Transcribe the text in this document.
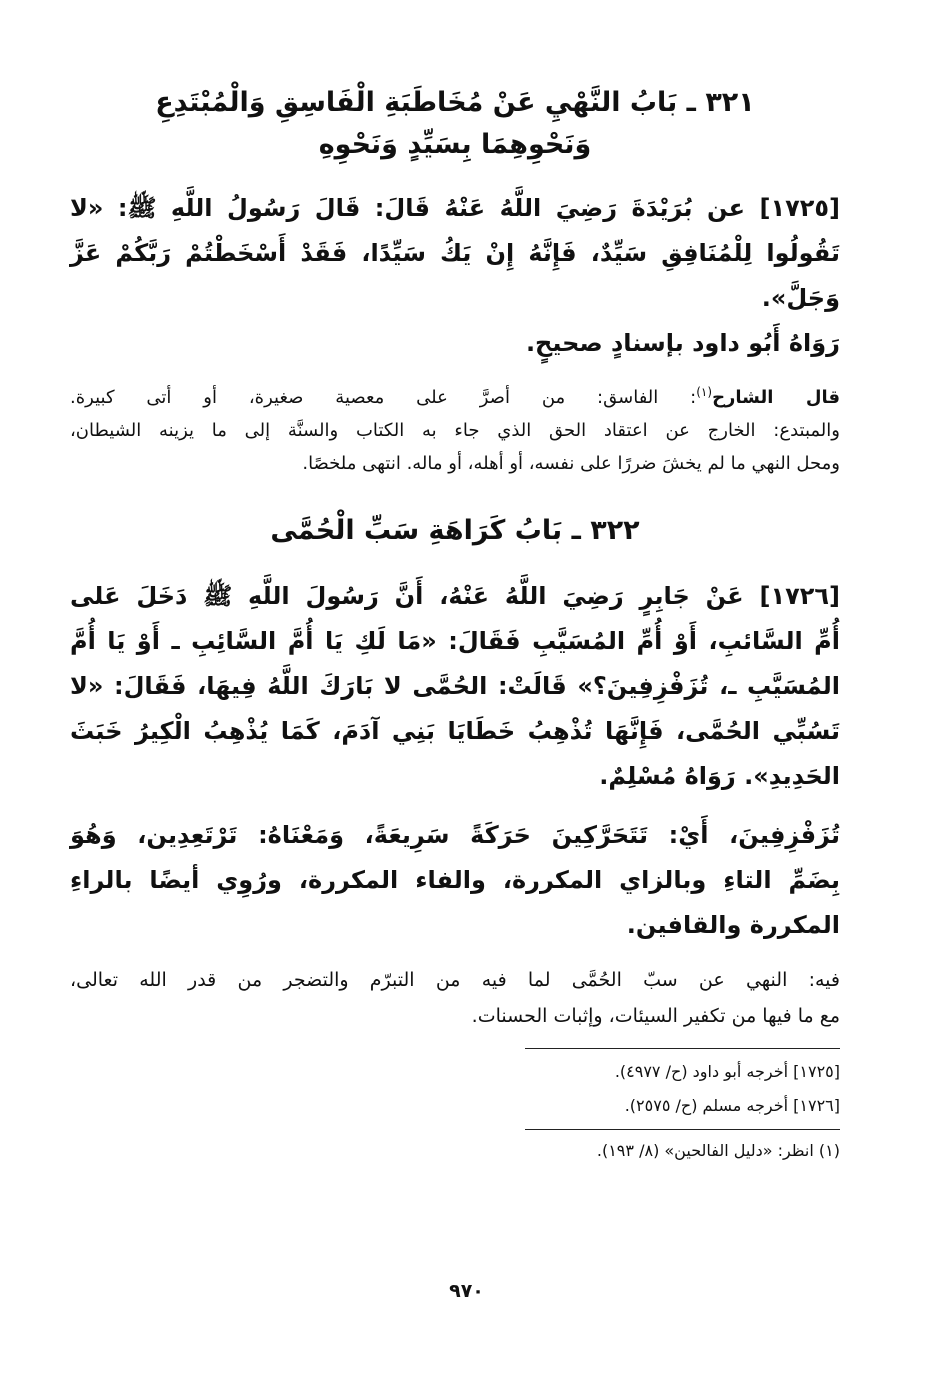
٣٢١ ـ بَابُ النَّهْيِ عَنْ مُخَاطَبَةِ الْفَاسِقِ وَالْمُبْتَدِعِ
وَنَحْوِهِمَا بِسَيِّدٍ وَنَحْوِهِ
[١٧٢٥] عن بُرَيْدَةَ رَضِيَ اللَّهُ عَنْهُ قَالَ: قَالَ رَسُولُ اللَّهِ ﷺ: «لا
تَقُولُوا لِلْمُنَافِقِ سَيِّدٌ، فَإِنَّهُ إِنْ يَكُ سَيِّدًا، فَقَدْ أَسْخَطْتُمْ رَبَّكُمْ عَزَّ وَجَلَّ».
رَوَاهُ أَبُو داود بإسنادٍ صحيحٍ.
قال الشارح$^{(١)}$: الفاسق: من أصرَّ على معصية صغيرة، أو أتى كبيرة.
والمبتدع: الخارج عن اعتقاد الحق الذي جاء به الكتاب والسنَّة إلى ما يزينه الشيطان،
ومحل النهي ما لم يخشَ ضررًا على نفسه، أو أهله، أو ماله. انتهى ملخصًا.
٣٢٢ ـ بَابُ كَرَاهَةِ سَبِّ الْحُمَّى
[١٧٢٦] عَنْ جَابِرٍ رَضِيَ اللَّهُ عَنْهُ، أَنَّ رَسُولَ اللَّهِ ﷺ دَخَلَ عَلى
أُمِّ السَّائبِ، أَوْ أُمِّ المُسَيَّبِ فَقَالَ: «مَا لَكِ يَا أُمَّ السَّائِبِ ـ أَوْ يَا أُمَّ
المُسَيَّبِ ـ، تُزَفْزِفِينَ؟» قَالَتْ: الحُمَّى لا بَارَكَ اللَّهُ فِيهَا، فَقَالَ: «لا
تَسُبِّي الحُمَّى، فَإِنَّهَا تُذْهِبُ خَطَايَا بَنِي آدَمَ، كَمَا يُذْهِبُ الْكِيرُ خَبَثَ
الحَدِيدِ». رَوَاهُ مُسْلِمٌ.
تُزَفْزِفِينَ، أَيْ: تَتَحَرَّكِينَ حَرَكَةً سَرِيعَةً، وَمَعْنَاهُ: تَرْتَعِدِين، وَهُوَ
بِضَمِّ التاءِ وبالزاي المكررة، والفاء المكررة، ورُوِي أيضًا بالراءِ
المكررة والقافين.
فيه: النهي عن سبّ الحُمَّى لما فيه من التبرّم والتضجر من قدر الله تعالى،
مع ما فيها من تكفير السيئات، وإثبات الحسنات.
[١٧٢٥] أخرجه أبو داود (ح/ ٤٩٧٧).
[١٧٢٦] أخرجه مسلم (ح/ ٢٥٧٥).
(١) انظر: «دليل الفالحين» (٨/ ١٩٣).
٩٧٠
